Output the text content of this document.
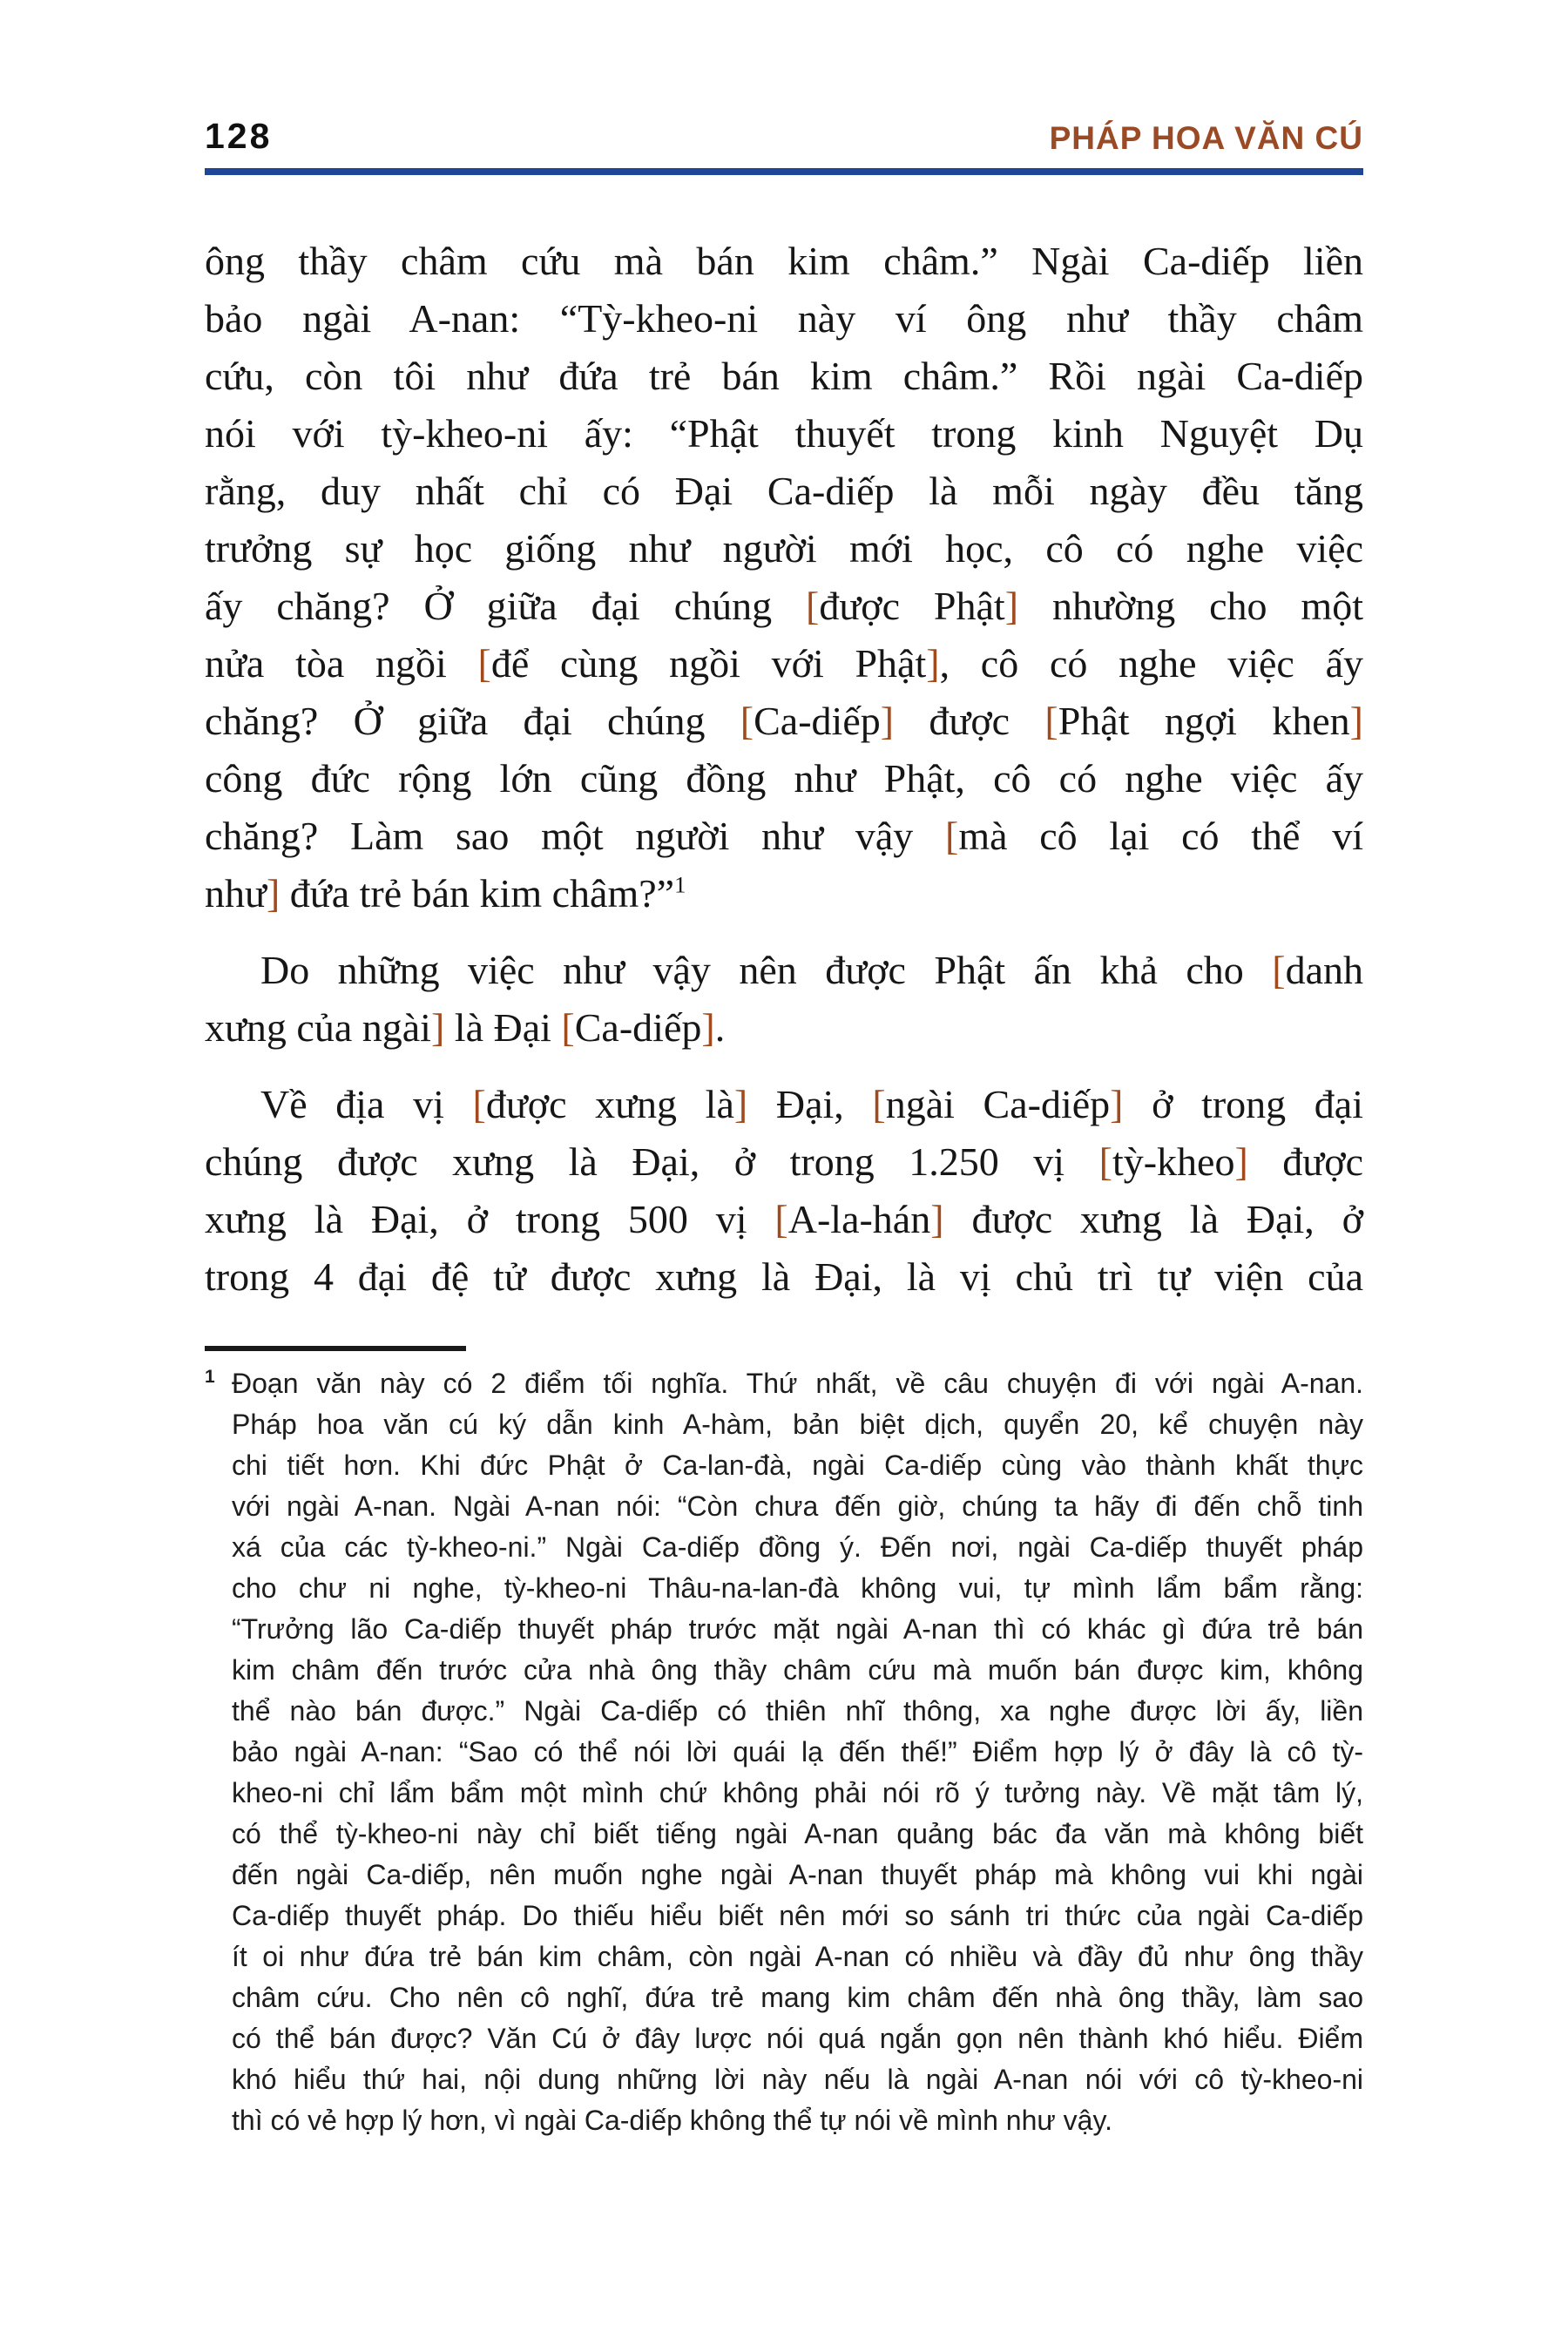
128	PHÁP HOA VĂN CÚ
ông thầy châm cứu mà bán kim châm.” Ngài Ca-diếp liền
bảo ngài A-nan: “Tỳ-kheo-ni này ví ông như thầy châm
cứu, còn tôi như đứa trẻ bán kim châm.” Rồi ngài Ca-diếp
nói với tỳ-kheo-ni ấy: “Phật thuyết trong kinh Nguyệt Dụ
rằng, duy nhất chỉ có Đại Ca-diếp là mỗi ngày đều tăng
trưởng sự học giống như người mới học, cô có nghe việc
ấy chăng? Ở giữa đại chúng [được Phật] nhường cho một
nửa tòa ngồi [để cùng ngồi với Phật], cô có nghe việc ấy
chăng? Ở giữa đại chúng [Ca-diếp] được [Phật ngợi khen]
công đức rộng lớn cũng đồng như Phật, cô có nghe việc ấy
chăng? Làm sao một người như vậy [mà cô lại có thể ví
như] đứa trẻ bán kim châm?”$^1$
Do những việc như vậy nên được Phật ấn khả cho [danh
xưng của ngài] là Đại [Ca-diếp].
Về địa vị [được xưng là] Đại, [ngài Ca-diếp] ở trong đại
chúng được xưng là Đại, ở trong 1.250 vị [tỳ-kheo] được
xưng là Đại, ở trong 500 vị [A-la-hán] được xưng là Đại, ở
trong 4 đại đệ tử được xưng là Đại, là vị chủ trì tự viện của
1 Đoạn văn này có 2 điểm tối nghĩa. Thứ nhất, về câu chuyện đi với ngài A-nan.
Pháp hoa văn cú ký dẫn kinh A-hàm, bản biệt dịch, quyển 20, kể chuyện này
chi tiết hơn. Khi đức Phật ở Ca-lan-đà, ngài Ca-diếp cùng vào thành khất thực
với ngài A-nan. Ngài A-nan nói: “Còn chưa đến giờ, chúng ta hãy đi đến chỗ tinh
xá của các tỳ-kheo-ni.” Ngài Ca-diếp đồng ý. Đến nơi, ngài Ca-diếp thuyết pháp
cho chư ni nghe, tỳ-kheo-ni Thâu-na-lan-đà không vui, tự mình lẩm bẩm rằng:
“Trưởng lão Ca-diếp thuyết pháp trước mặt ngài A-nan thì có khác gì đứa trẻ bán
kim châm đến trước cửa nhà ông thầy châm cứu mà muốn bán được kim, không
thể nào bán được.” Ngài Ca-diếp có thiên nhĩ thông, xa nghe được lời ấy, liền
bảo ngài A-nan: “Sao có thể nói lời quái lạ đến thế!” Điểm hợp lý ở đây là cô tỳ-
kheo-ni chỉ lẩm bẩm một mình chứ không phải nói rõ ý tưởng này. Về mặt tâm lý,
có thể tỳ-kheo-ni này chỉ biết tiếng ngài A-nan quảng bác đa văn mà không biết
đến ngài Ca-diếp, nên muốn nghe ngài A-nan thuyết pháp mà không vui khi ngài
Ca-diếp thuyết pháp. Do thiếu hiểu biết nên mới so sánh tri thức của ngài Ca-diếp
ít oi như đứa trẻ bán kim châm, còn ngài A-nan có nhiều và đầy đủ như ông thầy
châm cứu. Cho nên cô nghĩ, đứa trẻ mang kim châm đến nhà ông thầy, làm sao
có thể bán được? Văn Cú ở đây lược nói quá ngắn gọn nên thành khó hiểu. Điểm
khó hiểu thứ hai, nội dung những lời này nếu là ngài A-nan nói với cô tỳ-kheo-ni
thì có vẻ hợp lý hơn, vì ngài Ca-diếp không thể tự nói về mình như vậy.
